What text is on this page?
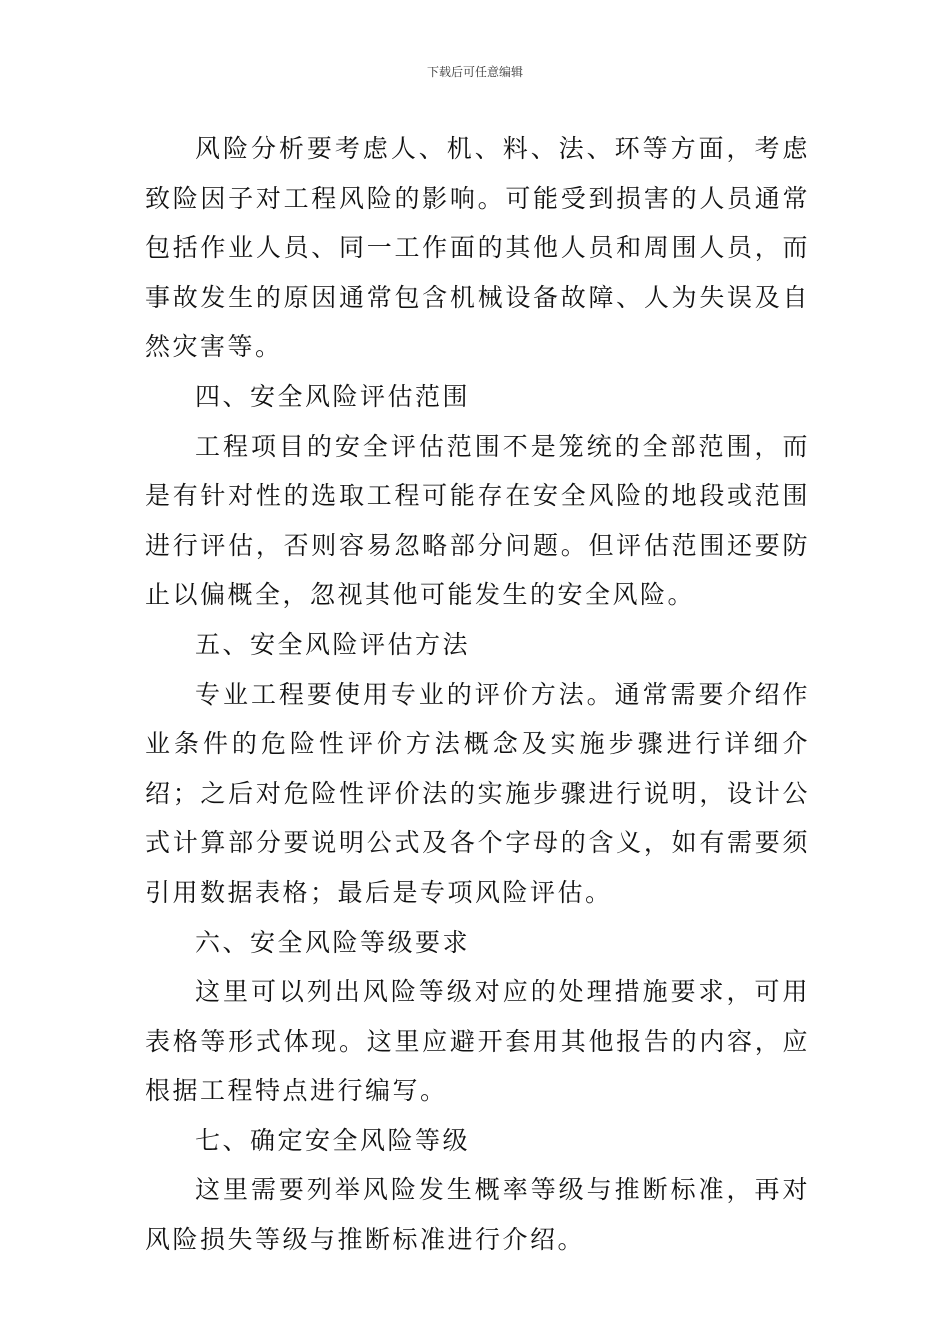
下载后可任意编辑

风险分析要考虑人、机、料、法、环等方面，考虑致险因子对工程风险的影响。可能受到损害的人员通常包括作业人员、同一工作面的其他人员和周围人员，而事故发生的原因通常包含机械设备故障、人为失误及自然灾害等。

四、安全风险评估范围

工程项目的安全评估范围不是笼统的全部范围，而是有针对性的选取工程可能存在安全风险的地段或范围进行评估，否则容易忽略部分问题。但评估范围还要防止以偏概全，忽视其他可能发生的安全风险。

五、安全风险评估方法

专业工程要使用专业的评价方法。通常需要介绍作业条件的危险性评价方法概念及实施步骤进行详细介绍；之后对危险性评价法的实施步骤进行说明，设计公式计算部分要说明公式及各个字母的含义，如有需要须引用数据表格；最后是专项风险评估。

六、安全风险等级要求

这里可以列出风险等级对应的处理措施要求，可用表格等形式体现。这里应避开套用其他报告的内容，应根据工程特点进行编写。

七、确定安全风险等级

这里需要列举风险发生概率等级与推断标准，再对风险损失等级与推断标准进行介绍。
